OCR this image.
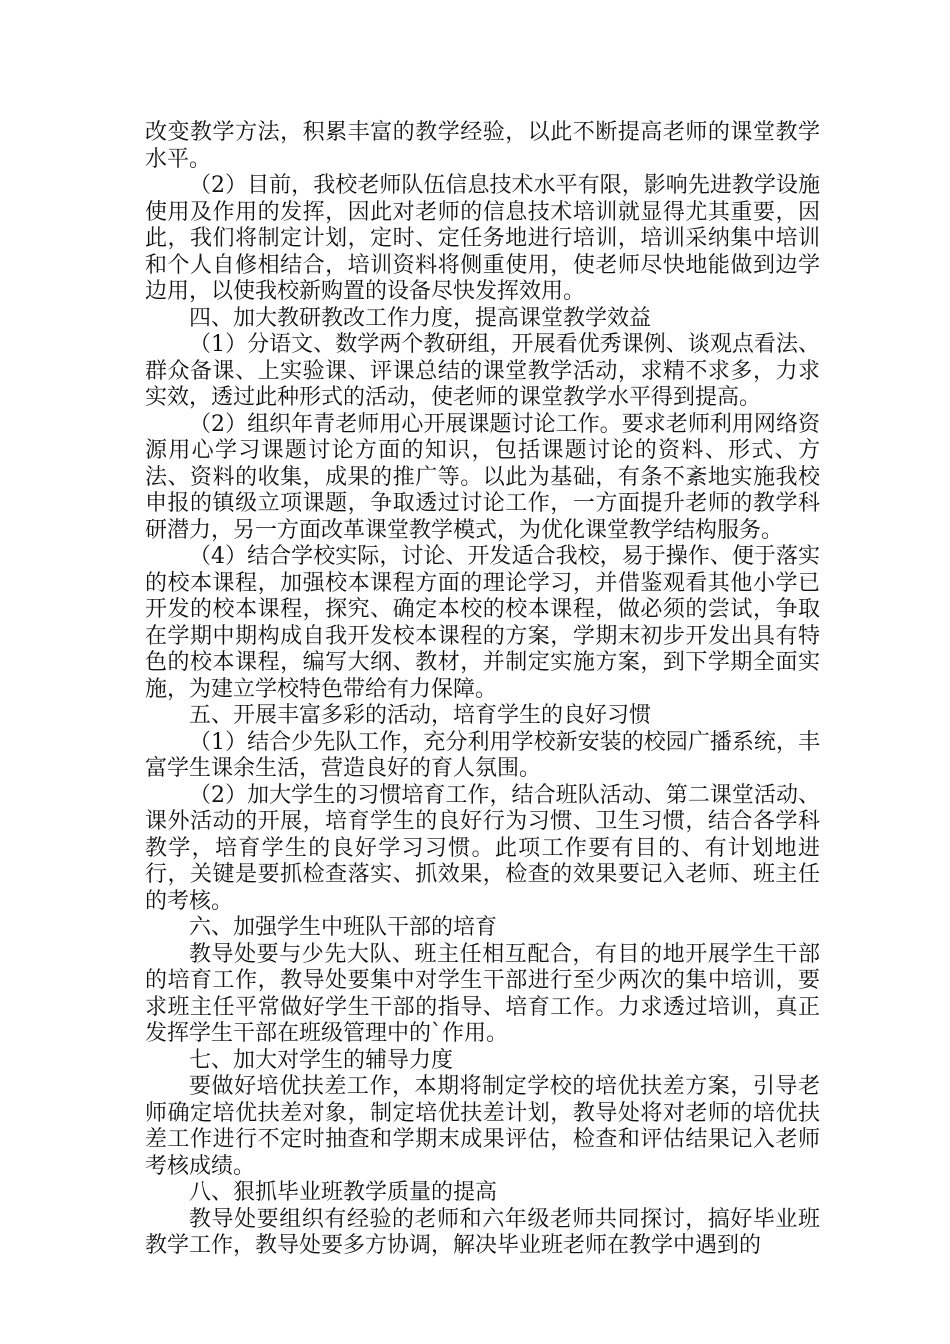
改变教学方法，积累丰富的教学经验，以此不断提高老师的课堂教学水平。

（2）目前，我校老师队伍信息技术水平有限，影响先进教学设施使用及作用的发挥，因此对老师的信息技术培训就显得尤其重要，因此，我们将制定计划，定时、定任务地进行培训，培训采纳集中培训和个人自修相结合，培训资料将侧重使用，使老师尽快地能做到边学边用，以使我校新购置的设备尽快发挥效用。

四、加大教研教改工作力度，提高课堂教学效益

（1）分语文、数学两个教研组，开展看优秀课例、谈观点看法、群众备课、上实验课、评课总结的课堂教学活动，求精不求多，力求实效，透过此种形式的活动，使老师的课堂教学水平得到提高。

（2）组织年青老师用心开展课题讨论工作。要求老师利用网络资源用心学习课题讨论方面的知识，包括课题讨论的资料、形式、方法、资料的收集，成果的推广等。以此为基础，有条不紊地实施我校申报的镇级立项课题，争取透过讨论工作，一方面提升老师的教学科研潜力，另一方面改革课堂教学模式，为优化课堂教学结构服务。

（4）结合学校实际，讨论、开发适合我校，易于操作、便于落实的校本课程，加强校本课程方面的理论学习，并借鉴观看其他小学已开发的校本课程，探究、确定本校的校本课程，做必须的尝试，争取在学期中期构成自我开发校本课程的方案，学期末初步开发出具有特色的校本课程，编写大纲、教材，并制定实施方案，到下学期全面实施，为建立学校特色带给有力保障。

五、开展丰富多彩的活动，培育学生的良好习惯

（1）结合少先队工作，充分利用学校新安装的校园广播系统，丰富学生课余生活，营造良好的育人氛围。

（2）加大学生的习惯培育工作，结合班队活动、第二课堂活动、课外活动的开展，培育学生的良好行为习惯、卫生习惯，结合各学科教学，培育学生的良好学习习惯。此项工作要有目的、有计划地进行，关键是要抓检查落实、抓效果，检查的效果要记入老师、班主任的考核。

六、加强学生中班队干部的培育

教导处要与少先大队、班主任相互配合，有目的地开展学生干部的培育工作，教导处要集中对学生干部进行至少两次的集中培训，要求班主任平常做好学生干部的指导、培育工作。力求透过培训，真正发挥学生干部在班级管理中的`作用。

七、加大对学生的辅导力度

要做好培优扶差工作，本期将制定学校的培优扶差方案，引导老师确定培优扶差对象，制定培优扶差计划，教导处将对老师的培优扶差工作进行不定时抽查和学期末成果评估，检查和评估结果记入老师考核成绩。

八、狠抓毕业班教学质量的提高

教导处要组织有经验的老师和六年级老师共同探讨，搞好毕业班教学工作，教导处要多方协调，解决毕业班老师在教学中遇到的
